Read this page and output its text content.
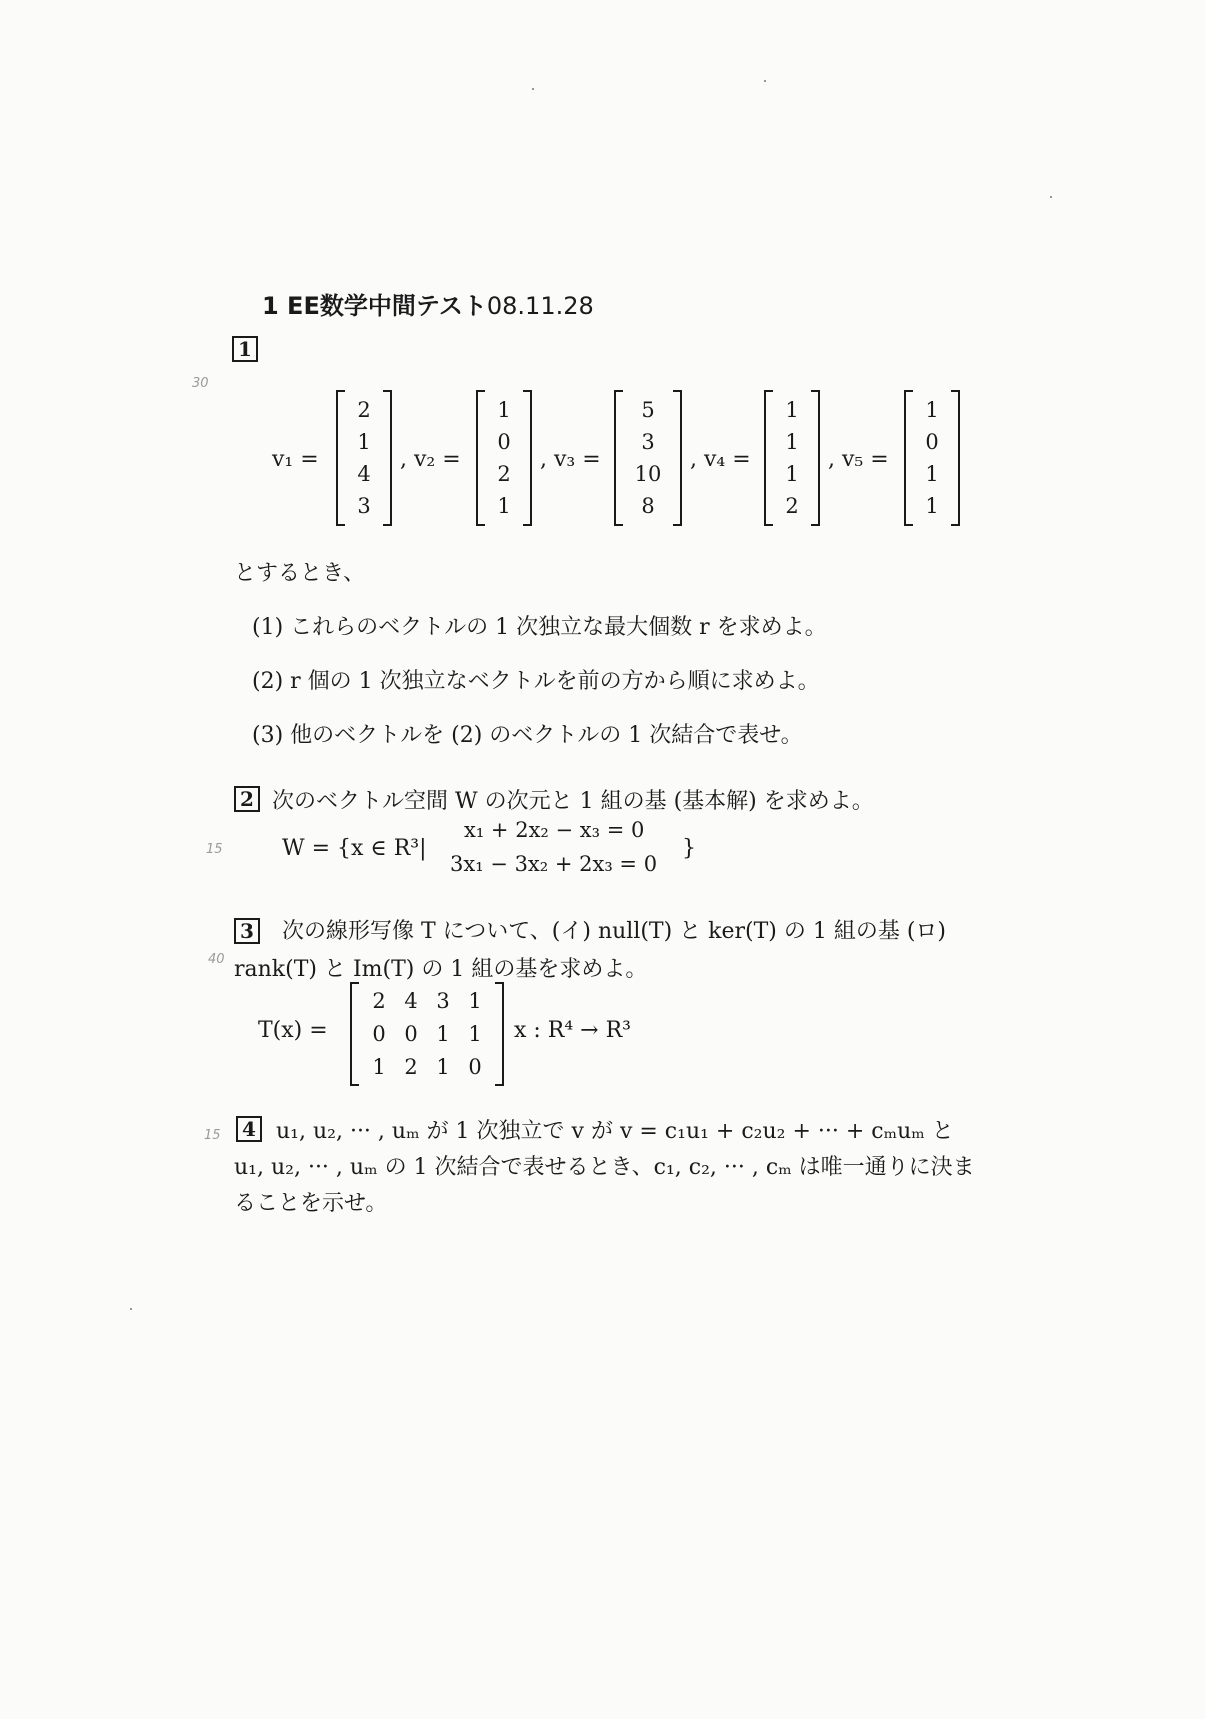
1 EE数学中間テスト08.11.28
1
30
v₁ =
2
1
4
3
, v₂ =
1
0
2
1
, v₃ =
5
3
10
8
, v₄ =
1
1
1
2
, v₅ =
1
0
1
1
とするとき、
(1) これらのベクトルの 1 次独立な最大個数 r を求めよ。
(2) r 個の 1 次独立なベクトルを前の方から順に求めよ。
(3) 他のベクトルを (2) のベクトルの 1 次結合で表せ。
2 次のベクトル空間 W の次元と 1 組の基 (基本解) を求めよ。
15	W = {x ∈ R³|
x₁ + 2x₂ − x₃ = 0
3x₁ − 3x₂ + 2x₃ = 0
}
3 次の線形写像 T について、(イ) null(T) と ker(T) の 1 組の基 (ロ)
40 rank(T) と Im(T) の 1 組の基を求めよ。
T(x) =
2 4 3 1
0 0 1 1
1 2 1 0
x : R⁴ → R³
15	4 u₁, u₂, ··· , uₘ が 1 次独立で v が v = c₁u₁ + c₂u₂ + ··· + cₘuₘ と
u₁, u₂, ··· , uₘ の 1 次結合で表せるとき、c₁, c₂, ··· , cₘ は唯一通りに決ま
ることを示せ。
